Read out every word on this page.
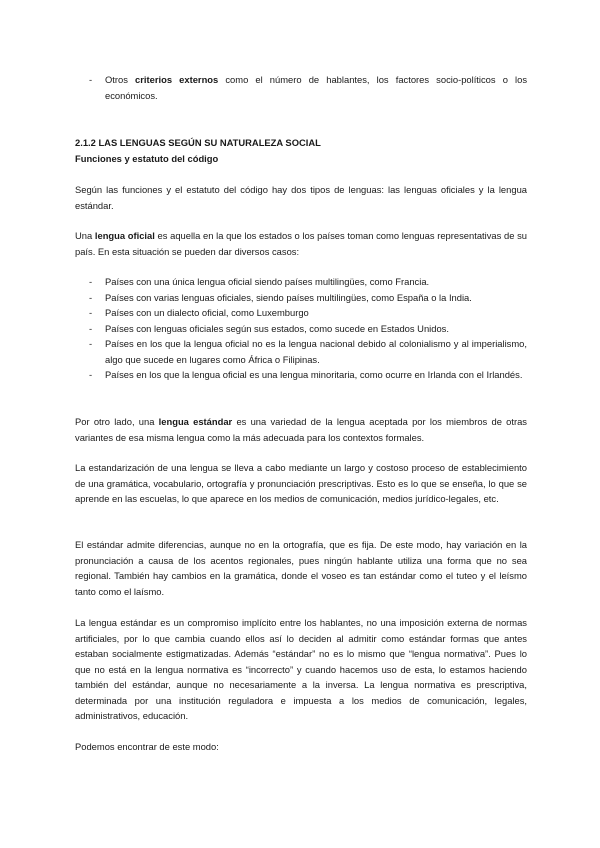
- Otros criterios externos como el número de hablantes, los factores socio-políticos o los económicos.

2.1.2 LAS LENGUAS SEGÚN SU NATURALEZA SOCIAL

Funciones y estatuto del código

Según las funciones y el estatuto del código hay dos tipos de lenguas: las lenguas oficiales y la lengua estándar.

Una lengua oficial es aquella en la que los estados o los países toman como lenguas representativas de su país. En esta situación se pueden dar diversos casos:

- Países con una única lengua oficial siendo países multilingües, como Francia.
- Países con varias lenguas oficiales, siendo países multilingües, como España o la India.
- Países con un dialecto oficial, como Luxemburgo
- Países con lenguas oficiales según sus estados, como sucede en Estados Unidos.
- Países en los que la lengua oficial no es la lengua nacional debido al colonialismo y al imperialismo, algo que sucede en lugares como África o Filipinas.
- Países en los que la lengua oficial es una lengua minoritaria, como ocurre en Irlanda con el Irlandés.

Por otro lado, una lengua estándar es una variedad de la lengua aceptada por los miembros de otras variantes de esa misma lengua como la más adecuada para los contextos formales.

La estandarización de una lengua se lleva a cabo mediante un largo y costoso proceso de establecimiento de una gramática, vocabulario, ortografía y pronunciación prescriptivas. Esto es lo que se enseña, lo que se aprende en las escuelas, lo que aparece en los medios de comunicación, medios jurídico-legales, etc.

El estándar admite diferencias, aunque no en la ortografía, que es fija. De este modo, hay variación en la pronunciación a causa de los acentos regionales, pues ningún hablante utiliza una forma que no sea regional. También hay cambios en la gramática, donde el voseo es tan estándar como el tuteo y el leísmo tanto como el laísmo.

La lengua estándar es un compromiso implícito entre los hablantes, no una imposición externa de normas artificiales, por lo que cambia cuando ellos así lo deciden al admitir como estándar formas que antes estaban socialmente estigmatizadas. Además “estándar” no es lo mismo que “lengua normativa”. Pues lo que no está en la lengua normativa es “incorrecto” y cuando hacemos uso de esta, lo estamos haciendo también del estándar, aunque no necesariamente a la inversa. La lengua normativa es prescriptiva, determinada por una institución reguladora e impuesta a los medios de comunicación, legales, administrativos, educación.

Podemos encontrar de este modo:
